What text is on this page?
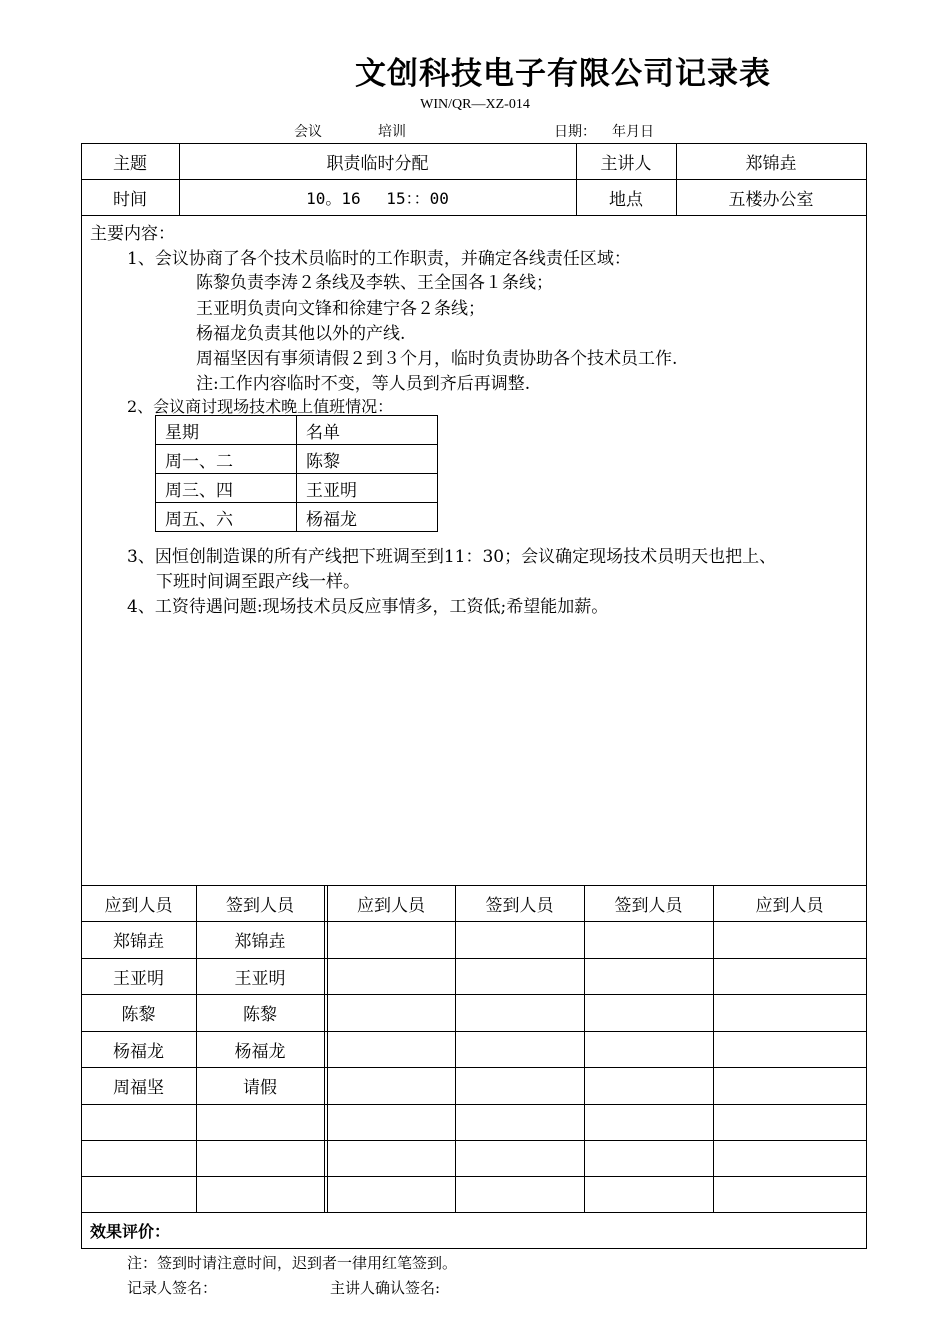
文创科技电子有限公司记录表
WIN/QR—XZ-014
会议	培训	日期： 年月日
主题	职责临时分配	主讲人	郑锦垚
时间	10。16　 15：：00	地点	五楼办公室
主要内容：
1、会议协商了各个技术员临时的工作职责，并确定各线责任区域：
陈黎负责李涛２条线及李轶、王全国各１条线；
王亚明负责向文锋和徐建宁各２条线；
杨福龙负责其他以外的产线.
周福坚因有事须请假２到３个月，临时负责协助各个技术员工作.
注:工作内容临时不变，等人员到齐后再调整.
2、会议商讨现场技术晚上值班情况：
星期	名单
周一、二	陈黎
周三、四	王亚明
周五、六	杨福龙
3、因恒创制造课的所有产线把下班调至到11：30；会议确定现场技术员明天也把上、
下班时间调至跟产线一样。
4、工资待遇问题:现场技术员反应事情多，工资低;希望能加薪。
应到人员	签到人员	应到人员	签到人员	签到人员	应到人员
郑锦垚	郑锦垚
王亚明	王亚明
陈黎	陈黎
杨福龙	杨福龙
周福坚	请假
效果评价：
注：签到时请注意时间，迟到者一律用红笔签到。
记录人签名：	主讲人确认签名:
